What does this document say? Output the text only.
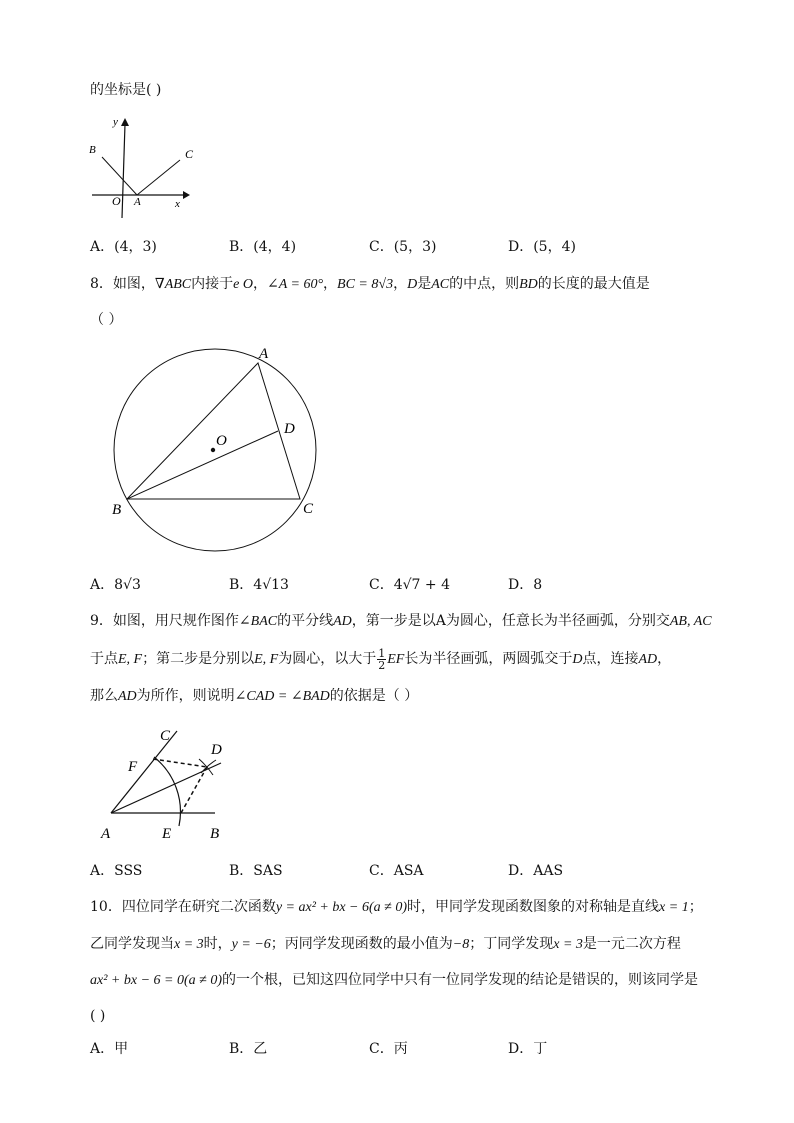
的坐标是( )
y
x
O A
B	C
A．(4，3)	B．(4，4)	C．(5，3)	D．(5，4)
8．如图，∇ABC内接于e O，∠A = 60°，BC = 8√3，D是AC的中点，则BD的长度的最大值是
（ ）
A
B	C
D
O
A．8√3	B．4√13	C．4√7 + 4	D．8
9．如图，用尺规作图作∠BAC的平分线AD，第一步是以A为圆心，任意长为半径画弧，分别交AB, AC
于点E, F；第二步是分别以E, F为圆心，以大于 $\frac{1}{2}$ EF长为半径画弧，两圆弧交于D点，连接AD，
那么AD为所作，则说明∠CAD = ∠BAD的依据是（ ）
C
D
F
A	E	B
A．SSS	B．SAS	C．ASA	D．AAS
10．四位同学在研究二次函数y = ax² + bx − 6(a ≠ 0)时，甲同学发现函数图象的对称轴是直线x = 1；
乙同学发现当x = 3时，y = −6；丙同学发现函数的最小值为−8；丁同学发现x = 3是一元二次方程
ax² + bx − 6 = 0(a ≠ 0)的一个根，已知这四位同学中只有一位同学发现的结论是错误的，则该同学是
( )
A．甲	B．乙	C．丙	D．丁
